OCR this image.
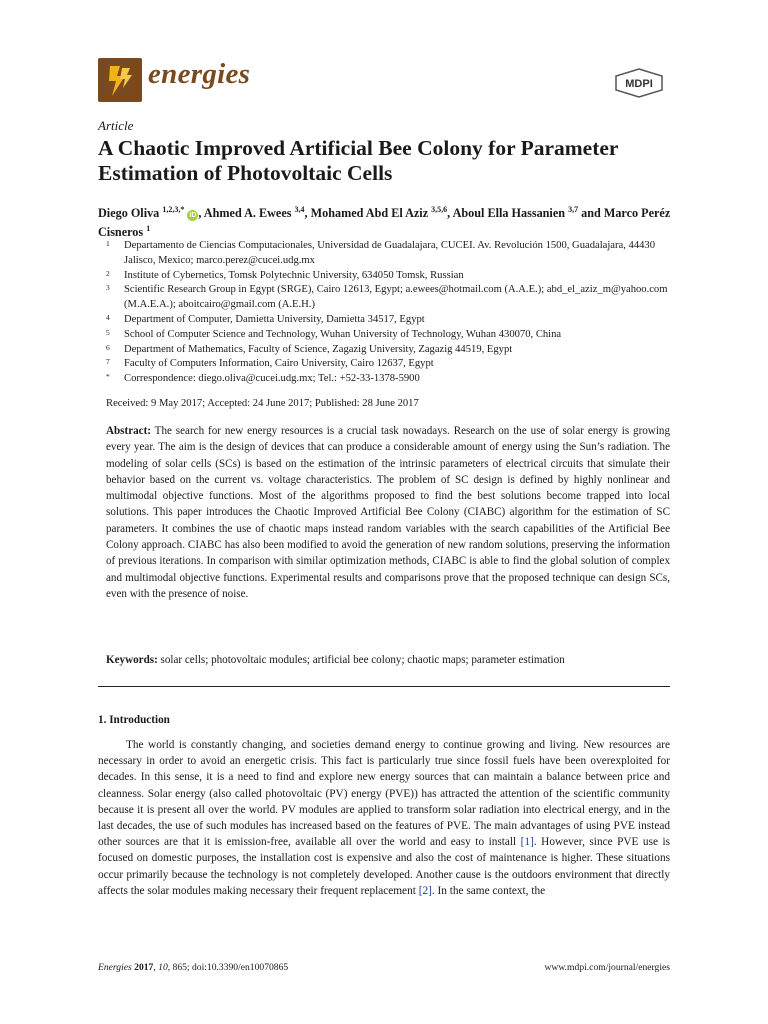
energies	MDPI
Article
A Chaotic Improved Artificial Bee Colony for Parameter Estimation of Photovoltaic Cells
Diego Oliva $^{1,2,3,*}$ iD , Ahmed A. Ewees $^{3,4}$, Mohamed Abd El Aziz $^{3,5,6}$, Aboul Ella Hassanien $^{3,7}$ and Marco Peréz Cisneros $^1$
1	Departamento de Ciencias Computacionales, Universidad de Guadalajara, CUCEI. Av. Revolución 1500, Guadalajara, 44430 Jalisco, Mexico; marco.perez@cucei.udg.mx
2	Institute of Cybernetics, Tomsk Polytechnic University, 634050 Tomsk, Russian
3	Scientific Research Group in Egypt (SRGE), Cairo 12613, Egypt; a.ewees@hotmail.com (A.A.E.); abd_el_aziz_m@yahoo.com (M.A.E.A.); aboitcairo@gmail.com (A.E.H.)
4	Department of Computer, Damietta University, Damietta 34517, Egypt
5	School of Computer Science and Technology, Wuhan University of Technology, Wuhan 430070, China
6	Department of Mathematics, Faculty of Science, Zagazig University, Zagazig 44519, Egypt
7	Faculty of Computers Information, Cairo University, Cairo 12637, Egypt
*	Correspondence: diego.oliva@cucei.udg.mx; Tel.: +52-33-1378-5900
Received: 9 May 2017; Accepted: 24 June 2017; Published: 28 June 2017
Abstract: The search for new energy resources is a crucial task nowadays. Research on the use of solar energy is growing every year. The aim is the design of devices that can produce a considerable amount of energy using the Sun’s radiation. The modeling of solar cells (SCs) is based on the estimation of the intrinsic parameters of electrical circuits that simulate their behavior based on the current vs. voltage characteristics. The problem of SC design is defined by highly nonlinear and multimodal objective functions. Most of the algorithms proposed to find the best solutions become trapped into local solutions. This paper introduces the Chaotic Improved Artificial Bee Colony (CIABC) algorithm for the estimation of SC parameters. It combines the use of chaotic maps instead random variables with the search capabilities of the Artificial Bee Colony approach. CIABC has also been modified to avoid the generation of new random solutions, preserving the information of previous iterations. In comparison with similar optimization methods, CIABC is able to find the global solution of complex and multimodal objective functions. Experimental results and comparisons prove that the proposed technique can design SCs, even with the presence of noise.
Keywords: solar cells; photovoltaic modules; artificial bee colony; chaotic maps; parameter estimation
1. Introduction

The world is constantly changing, and societies demand energy to continue growing and living. New resources are necessary in order to avoid an energetic crisis. This fact is particularly true since fossil fuels have been overexploited for decades. In this sense, it is a need to find and explore new energy sources that can maintain a balance between price and cleanness. Solar energy (also called photovoltaic (PV) energy (PVE)) has attracted the attention of the scientific community because it is present all over the world. PV modules are applied to transform solar radiation into electrical energy, and in the last decades, the use of such modules has increased based on the features of PVE. The main advantages of using PVE instead other sources are that it is emission-free, available all over the world and easy to install [1]. However, since PVE use is focused on domestic purposes, the installation cost is expensive and also the cost of maintenance is higher. These situations occur primarily because the technology is not completely developed. Another cause is the outdoors environment that directly affects the solar modules making necessary their frequent replacement [2]. In the same context, the

Energies 2017, 10, 865; doi:10.3390/en10070865	www.mdpi.com/journal/energies
